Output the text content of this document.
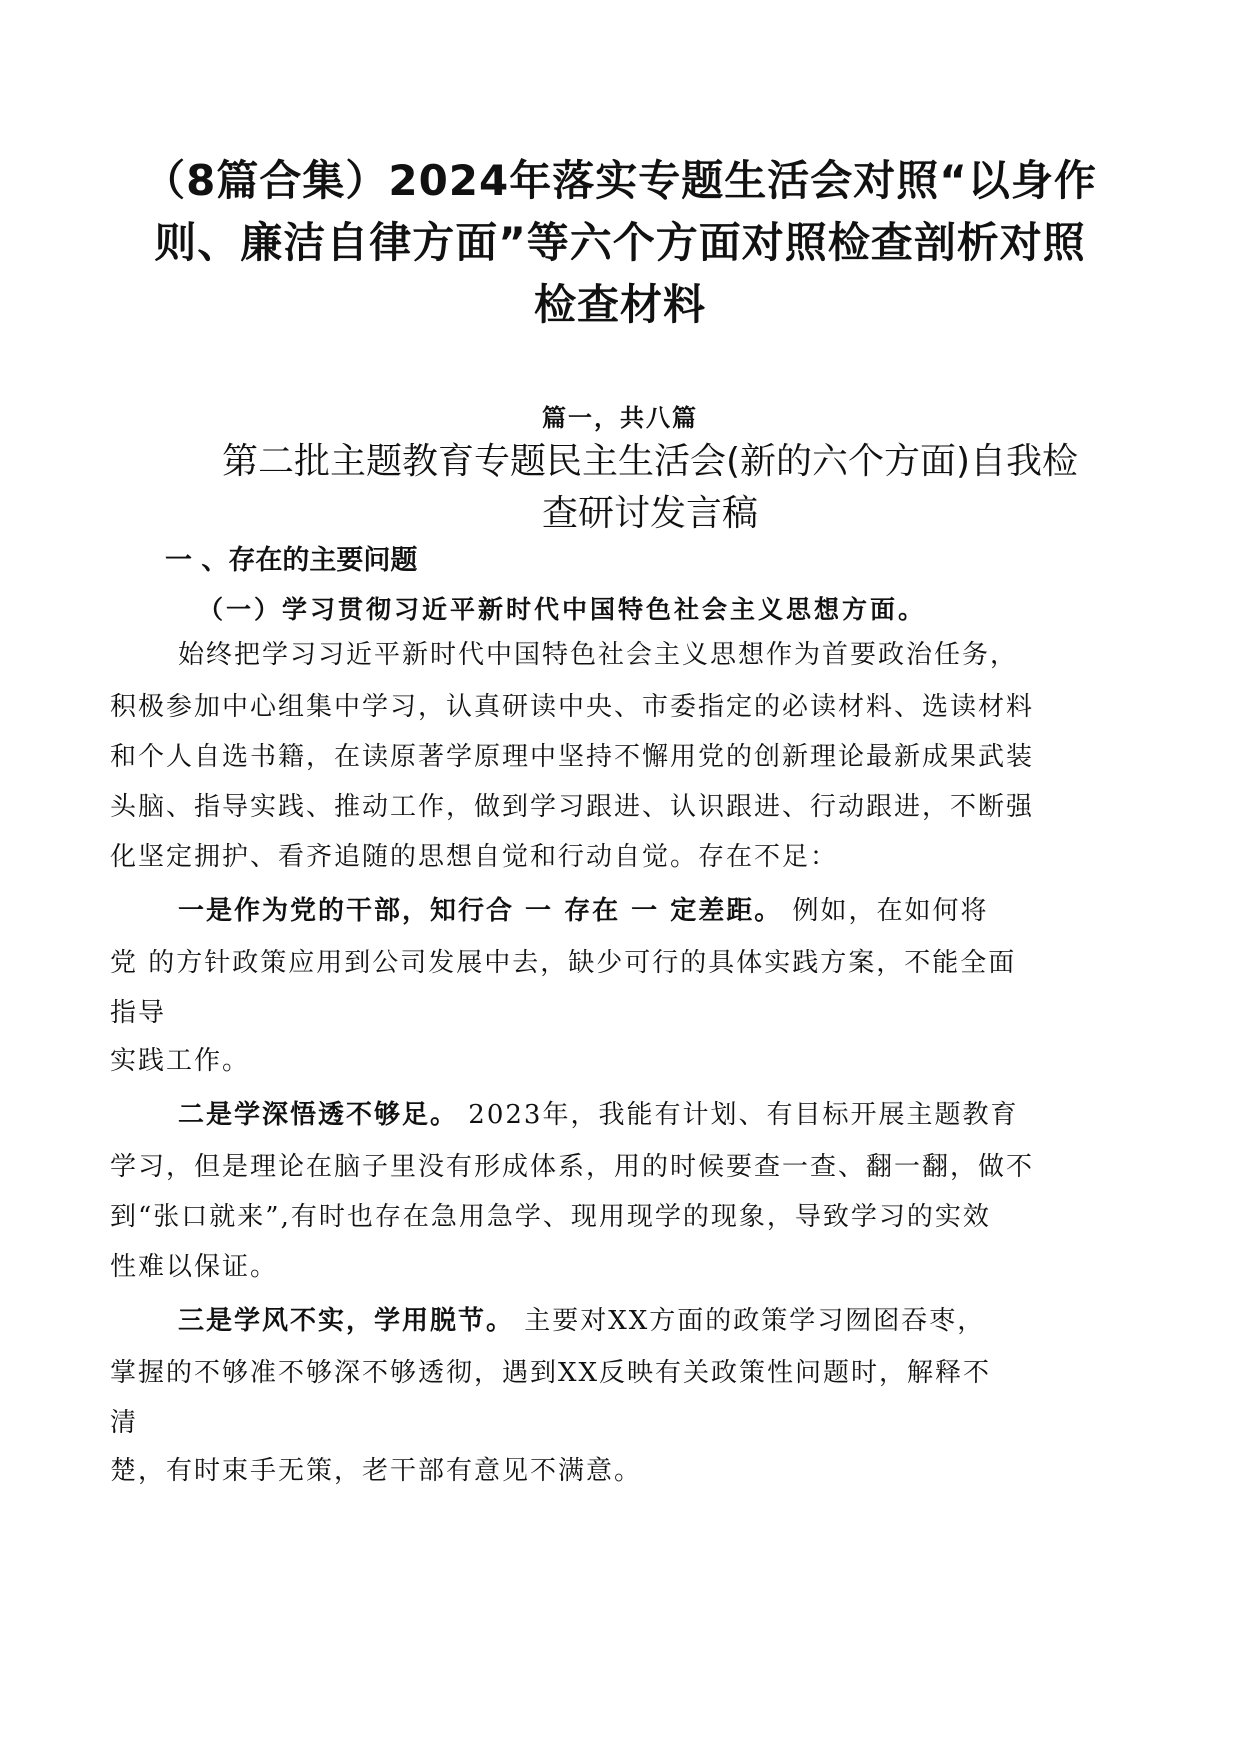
（8篇合集）2024年落实专题生活会对照“以身作
则、廉洁自律方面”等六个方面对照检查剖析对照
检查材料
篇一，共八篇
第二批主题教育专题民主生活会(新的六个方面)自我检
查研讨发言稿
一 、存在的主要问题
（一）学习贯彻习近平新时代中国特色社会主义思想方面。
始终把学习习近平新时代中国特色社会主义思想作为首要政治任务，
积极参加中心组集中学习，认真研读中央、市委指定的必读材料、选读材料
和个人自选书籍，在读原著学原理中坚持不懈用党的创新理论最新成果武装
头脑、指导实践、推动工作，做到学习跟进、认识跟进、行动跟进，不断强
化坚定拥护、看齐追随的思想自觉和行动自觉。存在不足：
一是作为党的干部，知行合 一 存在 一 定差距。 例如，在如何将
党 的方针政策应用到公司发展中去，缺少可行的具体实践方案，不能全面
指导
实践工作。
二是学深悟透不够足。 2023年，我能有计划、有目标开展主题教育
学习，但是理论在脑子里没有形成体系，用的时候要查一查、翻一翻，做不
到“张口就来”,有时也存在急用急学、现用现学的现象，导致学习的实效
性难以保证。
三是学风不实，学用脱节。 主要对XX方面的政策学习囫囵吞枣，
掌握的不够准不够深不够透彻，遇到XX反映有关政策性问题时，解释不
清
楚，有时束手无策，老干部有意见不满意。
